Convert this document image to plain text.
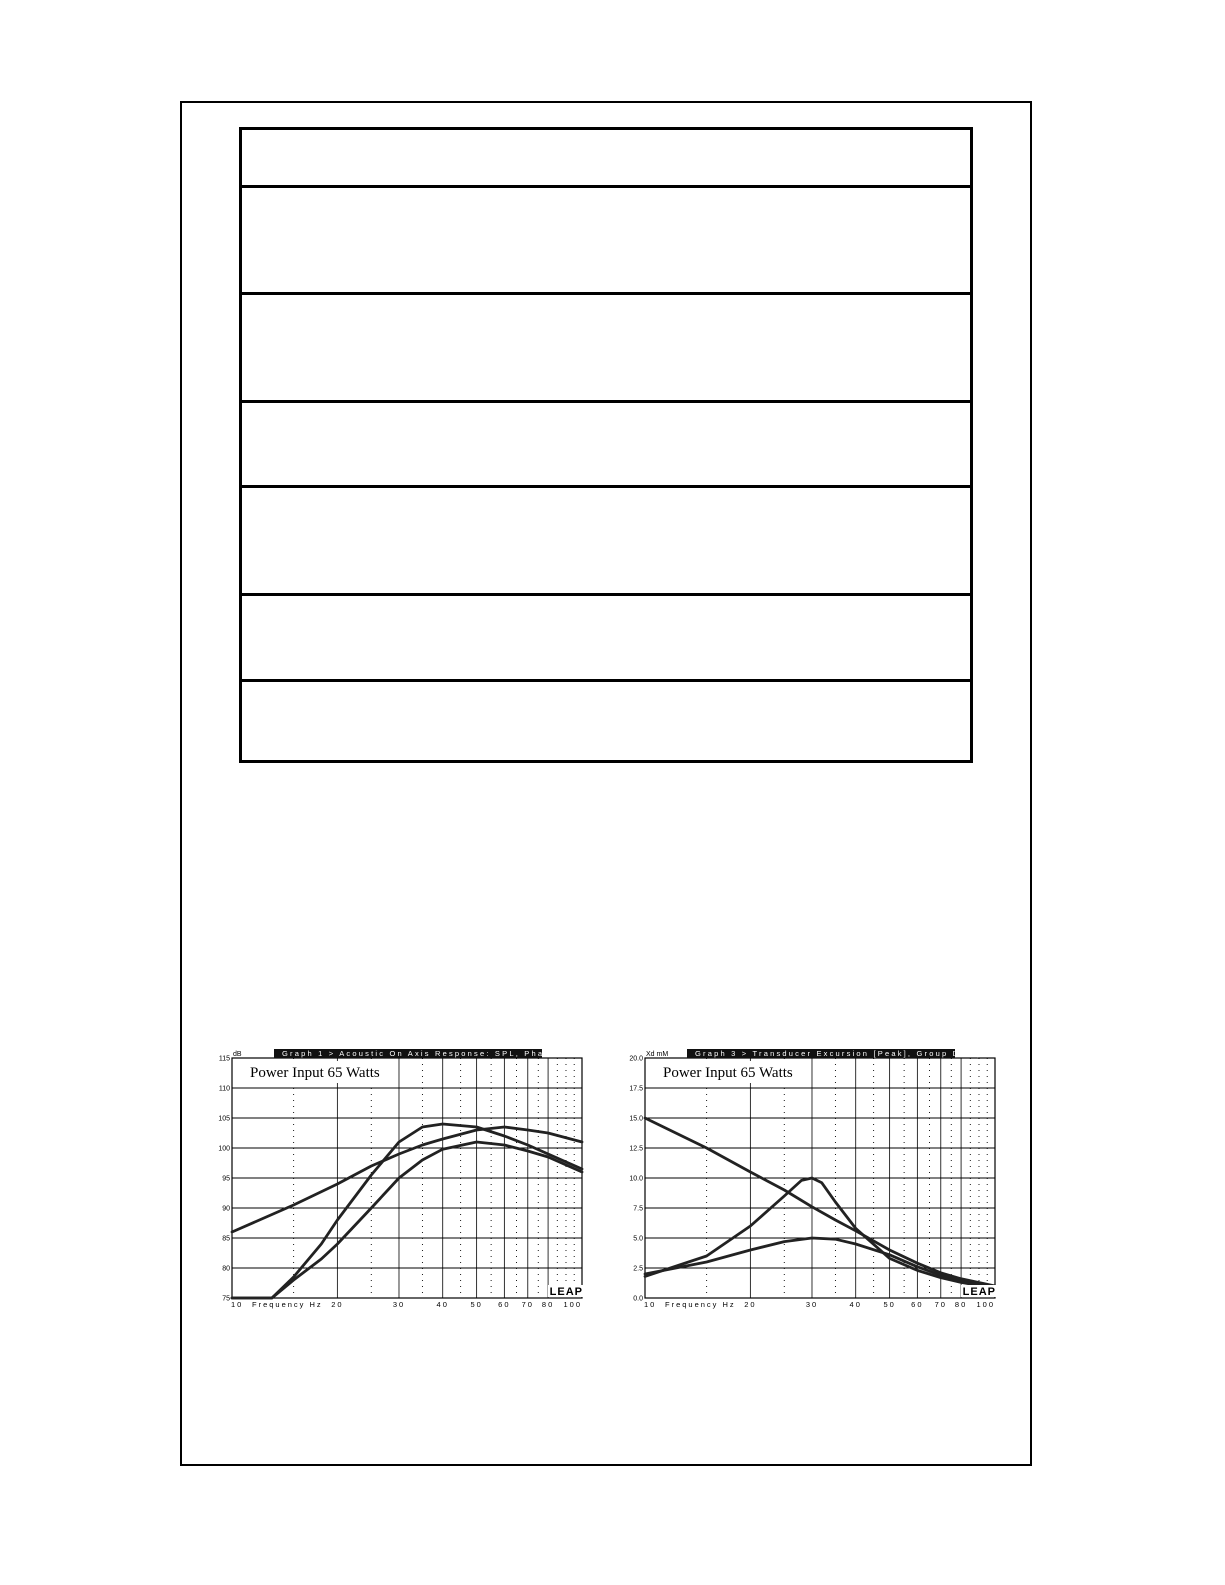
115
110
105
100
95
90
85
80
75
10	20	30	40	50 60 70 80 100
Frequency Hz
dB	Graph 1 > Acoustic On Axis Response: SPL, Phase
Power Input 65 Watts
LEAP
20.0
17.5
15.0
12.5
10.0
7.5
5.0
2.5
0.0
10	20	30	40	50 60 70 80 100
Frequency Hz
Xd mM	Graph 3 > Transducer Excursion [Peak], Group Delay
Power Input 65 Watts
LEAP
